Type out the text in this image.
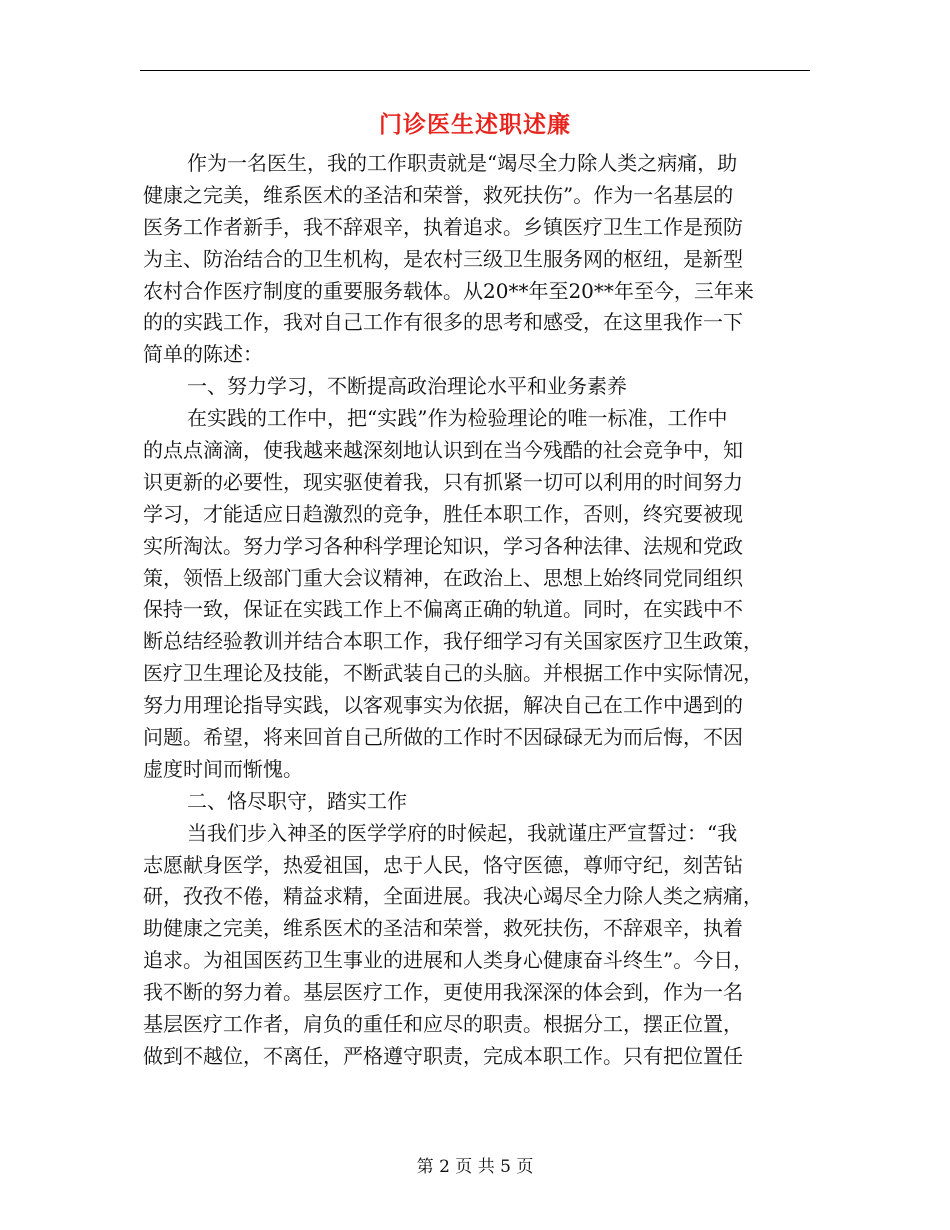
门诊医生述职述廉
作为一名医生，我的工作职责就是“竭尽全力除人类之病痛，助
健康之完美，维系医术的圣洁和荣誉，救死扶伤”。作为一名基层的
医务工作者新手，我不辞艰辛，执着追求。乡镇医疗卫生工作是预防
为主、防治结合的卫生机构，是农村三级卫生服务网的枢纽，是新型
农村合作医疗制度的重要服务载体。从20**年至20**年至今，三年来
的的实践工作，我对自己工作有很多的思考和感受，在这里我作一下
简单的陈述：
一、努力学习，不断提高政治理论水平和业务素养
在实践的工作中，把“实践”作为检验理论的唯一标准，工作中
的点点滴滴，使我越来越深刻地认识到在当今残酷的社会竞争中，知
识更新的必要性，现实驱使着我，只有抓紧一切可以利用的时间努力
学习，才能适应日趋激烈的竞争，胜任本职工作，否则，终究要被现
实所淘汰。努力学习各种科学理论知识，学习各种法律、法规和党政
策，领悟上级部门重大会议精神，在政治上、思想上始终同党同组织
保持一致，保证在实践工作上不偏离正确的轨道。同时，在实践中不
断总结经验教训并结合本职工作，我仔细学习有关国家医疗卫生政策，
医疗卫生理论及技能，不断武装自己的头脑。并根据工作中实际情况，
努力用理论指导实践，以客观事实为依据，解决自己在工作中遇到的
问题。希望，将来回首自己所做的工作时不因碌碌无为而后悔，不因
虚度时间而惭愧。
二、恪尽职守，踏实工作
当我们步入神圣的医学学府的时候起，我就谨庄严宣誓过：“我
志愿献身医学，热爱祖国，忠于人民，恪守医德，尊师守纪，刻苦钻
研，孜孜不倦，精益求精，全面进展。我决心竭尽全力除人类之病痛，
助健康之完美，维系医术的圣洁和荣誉，救死扶伤，不辞艰辛，执着
追求。为祖国医药卫生事业的进展和人类身心健康奋斗终生”。今日，
我不断的努力着。基层医疗工作，更使用我深深的体会到，作为一名
基层医疗工作者，肩负的重任和应尽的职责。根据分工，摆正位置，
做到不越位，不离任，严格遵守职责，完成本职工作。只有把位置任
第 2 页 共 5 页
